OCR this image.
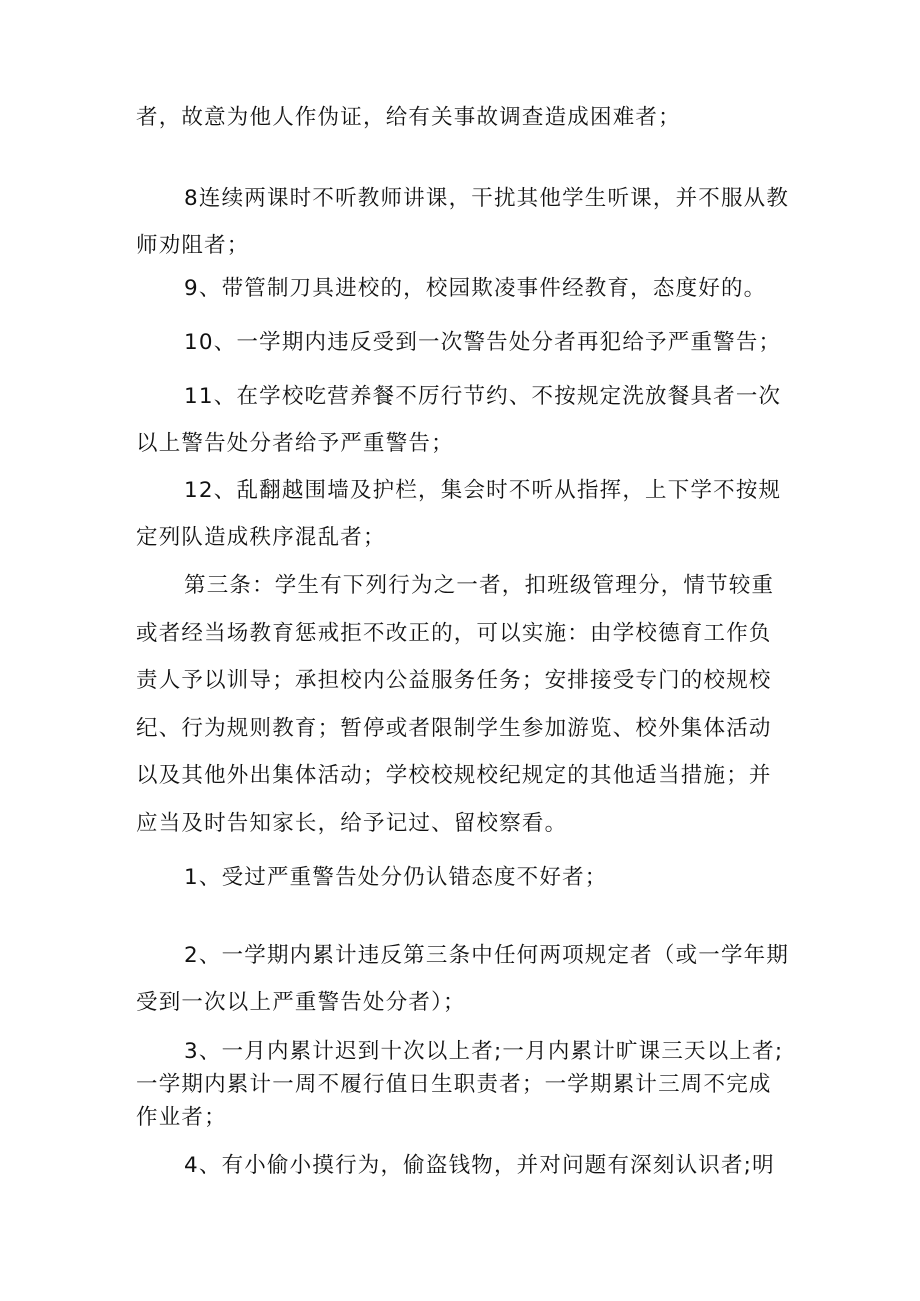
者，故意为他人作伪证，给有关事故调查造成困难者；

8连续两课时不听教师讲课，干扰其他学生听课，并不服从教
师劝阻者；

9、带管制刀具进校的，校园欺凌事件经教育，态度好的。

10、一学期内违反受到一次警告处分者再犯给予严重警告；

11、在学校吃营养餐不厉行节约、不按规定洗放餐具者一次
以上警告处分者给予严重警告；

12、乱翻越围墙及护栏，集会时不听从指挥，上下学不按规
定列队造成秩序混乱者；

第三条：学生有下列行为之一者，扣班级管理分，情节较重
或者经当场教育惩戒拒不改正的，可以实施：由学校德育工作负
责人予以训导；承担校内公益服务任务；安排接受专门的校规校
纪、行为规则教育；暂停或者限制学生参加游览、校外集体活动
以及其他外出集体活动；学校校规校纪规定的其他适当措施；并
应当及时告知家长，给予记过、留校察看。

1、受过严重警告处分仍认错态度不好者；

2、一学期内累计违反第三条中任何两项规定者（或一学年期
受到一次以上严重警告处分者）；

3、一月内累计迟到十次以上者;一月内累计旷课三天以上者;
一学期内累计一周不履行值日生职责者；一学期累计三周不完成
作业者；

4、有小偷小摸行为，偷盗钱物，并对问题有深刻认识者;明
